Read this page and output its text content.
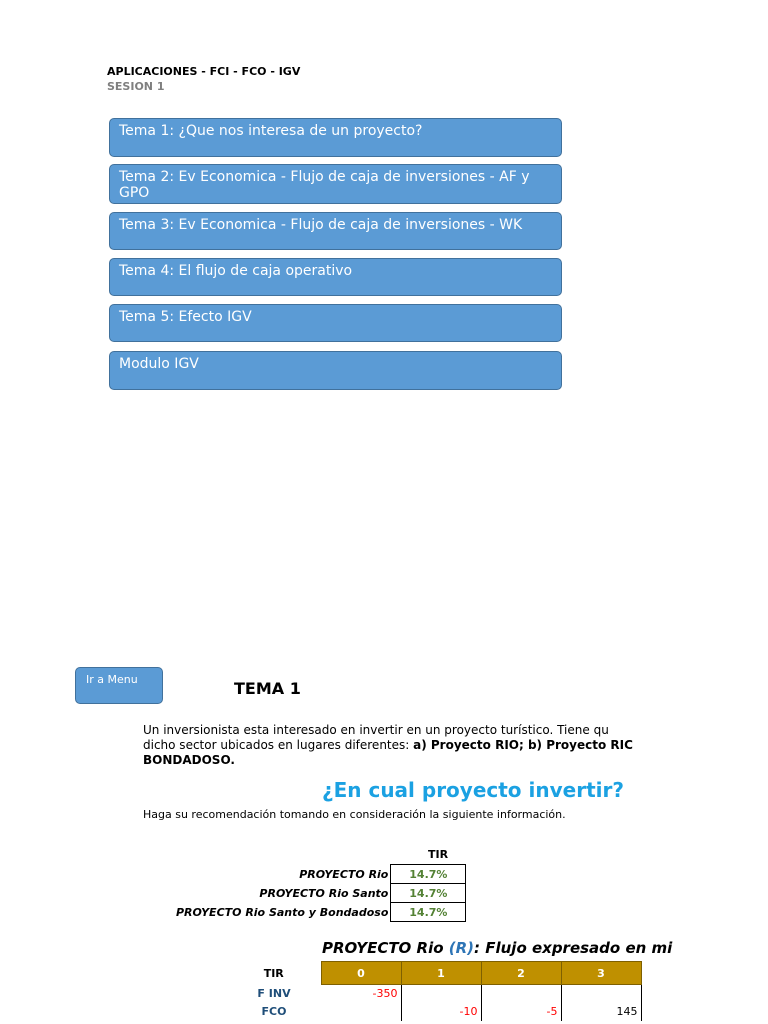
APLICACIONES - FCI - FCO - IGV
SESION 1
Tema 1: ¿Que nos interesa de un proyecto?
Tema 2: Ev Economica - Flujo de caja de inversiones - AF y GPO
Tema 3: Ev Economica - Flujo de caja de inversiones - WK
Tema 4: El flujo de caja operativo
Tema 5: Efecto IGV
Modulo IGV
Ir a Menu	TEMA 1
Un inversionista esta interesado en invertir en un proyecto turístico. Tiene qu
dicho sector ubicados en lugares diferentes: a) Proyecto RIO; b) Proyecto RIC
BONDADOSO.
¿En cual proyecto invertir?
Haga su recomendación tomando en consideración la siguiente información.
TIR
PROYECTO Rio	14.7%
PROYECTO Rio Santo	14.7%
PROYECTO Rio Santo y Bondadoso	14.7%
PROYECTO Rio (R): Flujo expresado en mi
TIR	0	1	2	3
F INV	-350			
FCO		-10	-5	145
